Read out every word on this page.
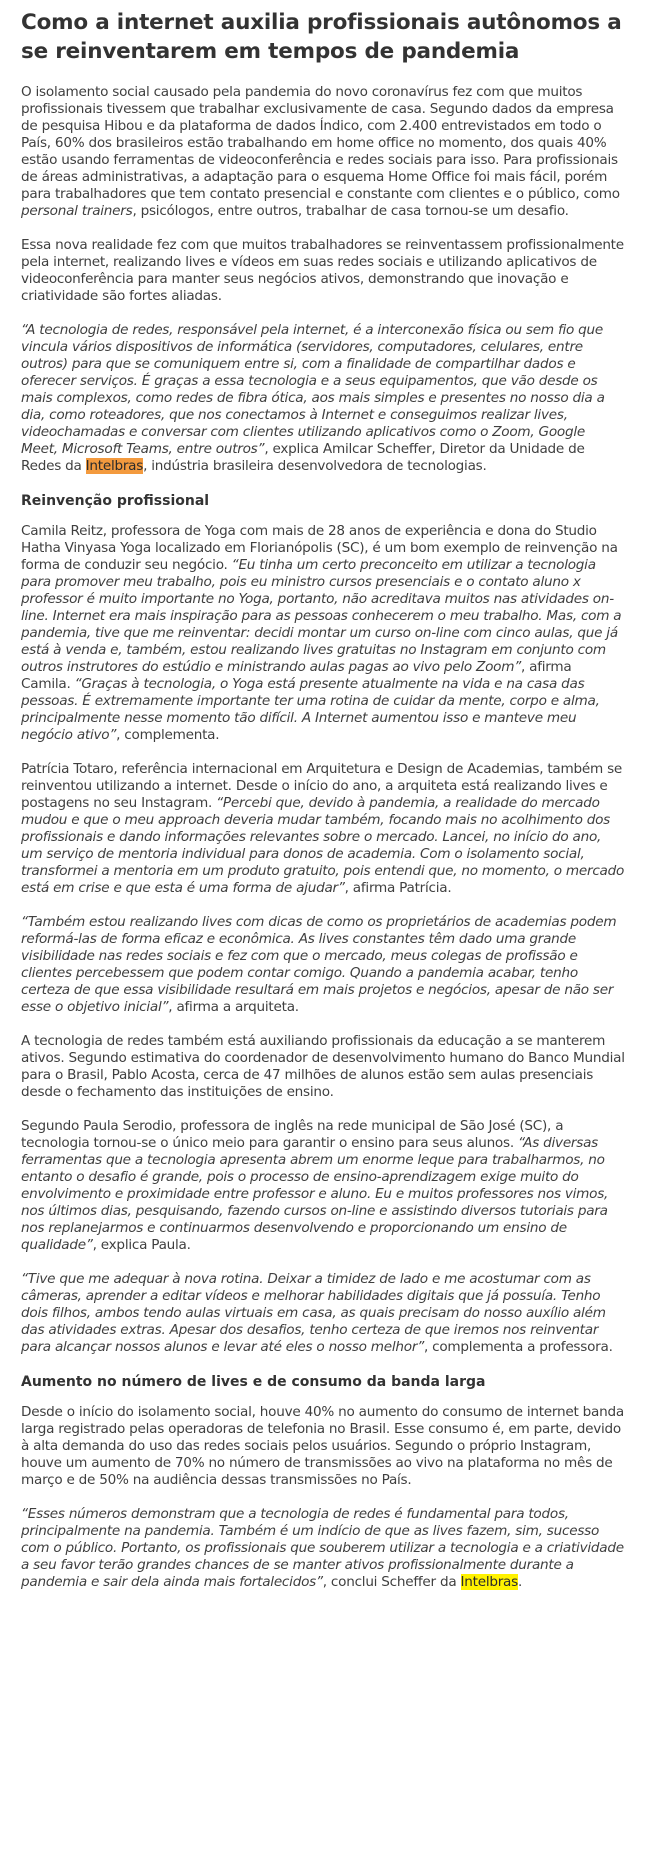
Como a internet auxilia profissionais autônomos a se reinventarem em tempos de pandemia

O isolamento social causado pela pandemia do novo coronavírus fez com que muitos profissionais tivessem que trabalhar exclusivamente de casa. Segundo dados da empresa de pesquisa Hibou e da plataforma de dados Índico, com 2.400 entrevistados em todo o País, 60% dos brasileiros estão trabalhando em home office no momento, dos quais 40% estão usando ferramentas de videoconferência e redes sociais para isso. Para profissionais de áreas administrativas, a adaptação para o esquema Home Office foi mais fácil, porém para trabalhadores que tem contato presencial e constante com clientes e o público, como personal trainers, psicólogos, entre outros, trabalhar de casa tornou-se um desafio.

Essa nova realidade fez com que muitos trabalhadores se reinventassem profissionalmente pela internet, realizando lives e vídeos em suas redes sociais e utilizando aplicativos de videoconferência para manter seus negócios ativos, demonstrando que inovação e criatividade são fortes aliadas.

“A tecnologia de redes, responsável pela internet, é a interconexão física ou sem fio que vincula vários dispositivos de informática (servidores, computadores, celulares, entre outros) para que se comuniquem entre si, com a finalidade de compartilhar dados e oferecer serviços. É graças a essa tecnologia e a seus equipamentos, que vão desde os mais complexos, como redes de fibra ótica, aos mais simples e presentes no nosso dia a dia, como roteadores, que nos conectamos à Internet e conseguimos realizar lives, videochamadas e conversar com clientes utilizando aplicativos como o Zoom, Google Meet, Microsoft Teams, entre outros”, explica Amilcar Scheffer, Diretor da Unidade de Redes da Intelbras, indústria brasileira desenvolvedora de tecnologias.

Reinvenção profissional

Camila Reitz, professora de Yoga com mais de 28 anos de experiência e dona do Studio Hatha Vinyasa Yoga localizado em Florianópolis (SC), é um bom exemplo de reinvenção na forma de conduzir seu negócio. “Eu tinha um certo preconceito em utilizar a tecnologia para promover meu trabalho, pois eu ministro cursos presenciais e o contato aluno x professor é muito importante no Yoga, portanto, não acreditava muitos nas atividades on-line. Internet era mais inspiração para as pessoas conhecerem o meu trabalho. Mas, com a pandemia, tive que me reinventar: decidi montar um curso on-line com cinco aulas, que já está à venda e, também, estou realizando lives gratuitas no Instagram em conjunto com outros instrutores do estúdio e ministrando aulas pagas ao vivo pelo Zoom”, afirma Camila. “Graças à tecnologia, o Yoga está presente atualmente na vida e na casa das pessoas. É extremamente importante ter uma rotina de cuidar da mente, corpo e alma, principalmente nesse momento tão difícil. A Internet aumentou isso e manteve meu negócio ativo”, complementa.

Patrícia Totaro, referência internacional em Arquitetura e Design de Academias, também se reinventou utilizando a internet. Desde o início do ano, a arquiteta está realizando lives e postagens no seu Instagram. “Percebi que, devido à pandemia, a realidade do mercado mudou e que o meu approach deveria mudar também, focando mais no acolhimento dos profissionais e dando informações relevantes sobre o mercado. Lancei, no início do ano, um serviço de mentoria individual para donos de academia. Com o isolamento social, transformei a mentoria em um produto gratuito, pois entendi que, no momento, o mercado está em crise e que esta é uma forma de ajudar”, afirma Patrícia.

“Também estou realizando lives com dicas de como os proprietários de academias podem reformá-las de forma eficaz e econômica. As lives constantes têm dado uma grande visibilidade nas redes sociais e fez com que o mercado, meus colegas de profissão e clientes percebessem que podem contar comigo. Quando a pandemia acabar, tenho certeza de que essa visibilidade resultará em mais projetos e negócios, apesar de não ser esse o objetivo inicial”, afirma a arquiteta.

A tecnologia de redes também está auxiliando profissionais da educação a se manterem ativos. Segundo estimativa do coordenador de desenvolvimento humano do Banco Mundial para o Brasil, Pablo Acosta, cerca de 47 milhões de alunos estão sem aulas presenciais desde o fechamento das instituições de ensino.

Segundo Paula Serodio, professora de inglês na rede municipal de São José (SC), a tecnologia tornou-se o único meio para garantir o ensino para seus alunos. “As diversas ferramentas que a tecnologia apresenta abrem um enorme leque para trabalharmos, no entanto o desafio é grande, pois o processo de ensino-aprendizagem exige muito do envolvimento e proximidade entre professor e aluno. Eu e muitos professores nos vimos, nos últimos dias, pesquisando, fazendo cursos on-line e assistindo diversos tutoriais para nos replanejarmos e continuarmos desenvolvendo e proporcionando um ensino de qualidade”, explica Paula.

“Tive que me adequar à nova rotina. Deixar a timidez de lado e me acostumar com as câmeras, aprender a editar vídeos e melhorar habilidades digitais que já possuía. Tenho dois filhos, ambos tendo aulas virtuais em casa, as quais precisam do nosso auxílio além das atividades extras. Apesar dos desafios, tenho certeza de que iremos nos reinventar para alcançar nossos alunos e levar até eles o nosso melhor”, complementa a professora.

Aumento no número de lives e de consumo da banda larga

Desde o início do isolamento social, houve 40% no aumento do consumo de internet banda larga registrado pelas operadoras de telefonia no Brasil. Esse consumo é, em parte, devido à alta demanda do uso das redes sociais pelos usuários. Segundo o próprio Instagram, houve um aumento de 70% no número de transmissões ao vivo na plataforma no mês de março e de 50% na audiência dessas transmissões no País.

“Esses números demonstram que a tecnologia de redes é fundamental para todos, principalmente na pandemia. Também é um indício de que as lives fazem, sim, sucesso com o público. Portanto, os profissionais que souberem utilizar a tecnologia e a criatividade a seu favor terão grandes chances de se manter ativos profissionalmente durante a pandemia e sair dela ainda mais fortalecidos”, conclui Scheffer da Intelbras.
